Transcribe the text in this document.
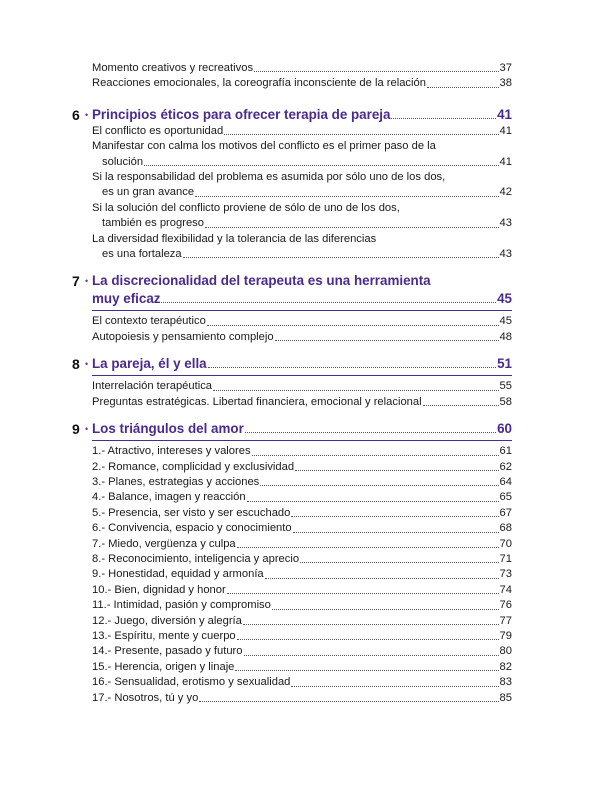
Momento creativos y recreativos	37
Reacciones emocionales, la coreografía inconsciente de la relación	38
6 • Principios éticos para ofrecer terapia de pareja	41
El conflicto es oportunidad	41
Manifestar con calma los motivos del conflicto es el primer paso de la
solución	41
Si la responsabilidad del problema es asumida por sólo uno de los dos,
es un gran avance	42
Si la solución del conflicto proviene de sólo de uno de los dos,
también es progreso	43
La diversidad flexibilidad y la tolerancia de las diferencias
es una fortaleza	43
7 • La discrecionalidad del terapeuta es una herramienta
muy eficaz	45
El contexto terapéutico	45
Autopoiesis y pensamiento complejo	48
8 • La pareja, él y ella	51
Interrelación terapéutica	55
Preguntas estratégicas. Libertad financiera, emocional y relacional	58
9 • Los triángulos del amor	60
1.- Atractivo, intereses y valores	61
2.- Romance, complicidad y exclusividad	62
3.- Planes, estrategias y acciones	64
4.- Balance, imagen y reacción	65
5.- Presencia, ser visto y ser escuchado	67
6.- Convivencia, espacio y conocimiento	68
7.- Miedo, vergüenza y culpa	70
8.- Reconocimiento, inteligencia y aprecio	71
9.- Honestidad, equidad y armonía	73
10.- Bien, dignidad y honor	74
11.- Intimidad, pasión y compromiso	76
12.- Juego, diversión y alegría	77
13.- Espíritu, mente y cuerpo	79
14.- Presente, pasado y futuro	80
15.- Herencia, origen y linaje	82
16.- Sensualidad, erotismo y sexualidad	83
17.- Nosotros, tú y yo	85
